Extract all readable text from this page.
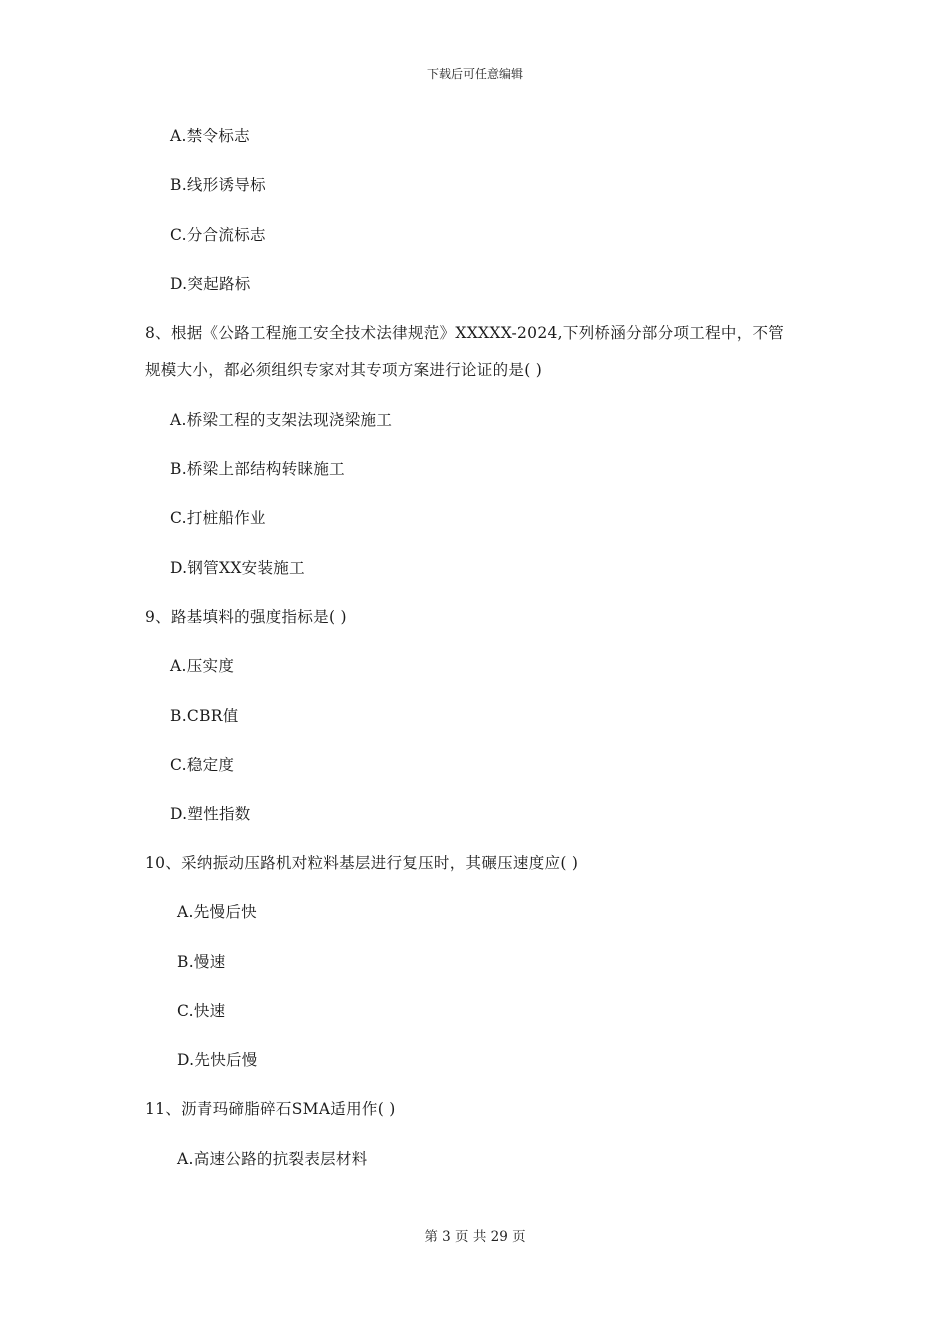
下载后可任意编辑
A.禁令标志
B.线形诱导标
C.分合流标志
D.突起路标
8、根据《公路工程施工安全技术法律规范》XXXXX-2024,下列桥涵分部分项工程中，不管
规模大小，都必须组织专家对其专项方案进行论证的是( )
A.桥梁工程的支架法现浇梁施工
B.桥梁上部结构转睐施工
C.打桩船作业
D.钢管XX安装施工
9、路基填料的强度指标是( )
A.压实度
B.CBR值
C.稳定度
D.塑性指数
10、采纳振动压路机对粒料基层进行复压时，其碾压速度应( )
A.先慢后快
B.慢速
C.快速
D.先快后慢
11、沥青玛碲脂碎石SMA适用作( )
A.高速公路的抗裂表层材料
第 3 页 共 29 页
